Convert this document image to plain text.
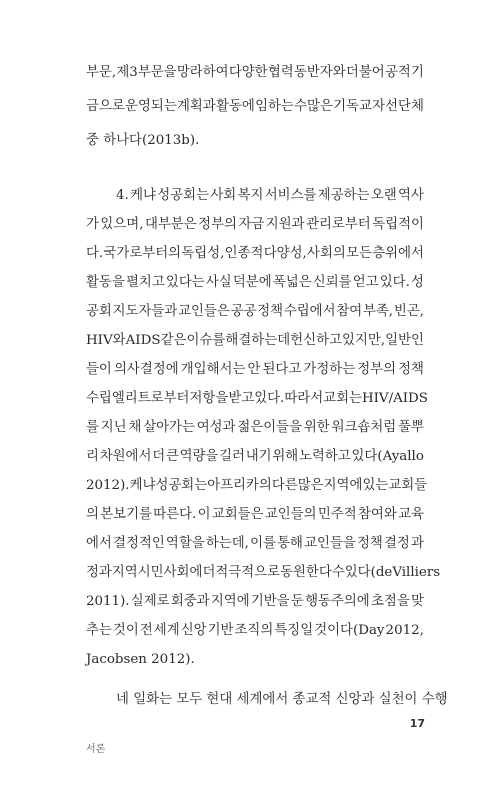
부문, 제3부문을 망라하여 다양한 협력 동반자와 더불어 공적 기
금으로 운영되는 계획과 활동에 임하는 수많은 기독교 자선단체
중 하나다(2013b).
4. 케냐 성공회는 사회 복지 서비스를 제공하는 오랜 역사
가 있으며, 대부분은 정부의 자금 지원과 관리로부터 독립적이
다. 국가로부터의 독립성, 인종적 다양성, 사회의 모든 층위에서
활동을 펼치고 있다는 사실 덕분에 폭넓은 신뢰를 얻고 있다. 성
공회 지도자들과 교인들은 공공 정책 수립에서 참여 부족, 빈곤,
HIV와 AIDS 같은 이슈를 해결하는 데 헌신하고 있지만, 일반인
들이 의사결정에 개입해서는 안 된다고 가정하는 정부의 정책
수립 엘리트로부터 저항을 받고 있다. 따라서 교회는 HIV/AIDS
를 지닌 채 살아가는 여성과 젊은이들을 위한 워크숍처럼 풀뿌
리 차원에서 더 큰 역량을 길러 내기 위해 노력하고 있다(Ayallo
2012). 케냐 성공회는 아프리카의 다른 많은 지역에 있는 교회들
의 본보기를 따른다. 이 교회들은 교인들의 민주적 참여와 교육
에서 결정적인 역할을 하는데, 이를 통해 교인들을 정책 결정 과
정과 지역 시민사회에 더 적극적으로 동원한다 수 있다(de Villiers
2011). 실제로 회중과 지역에 기반을 둔 행동주의에 초점을 맞
추는 것이 전 세계 신앙 기반 조직의 특징일 것이다(Day 2012,
Jacobsen 2012).
네 일화는 모두 현대 세계에서 종교적 신앙과 실천이 수행
17
서론
